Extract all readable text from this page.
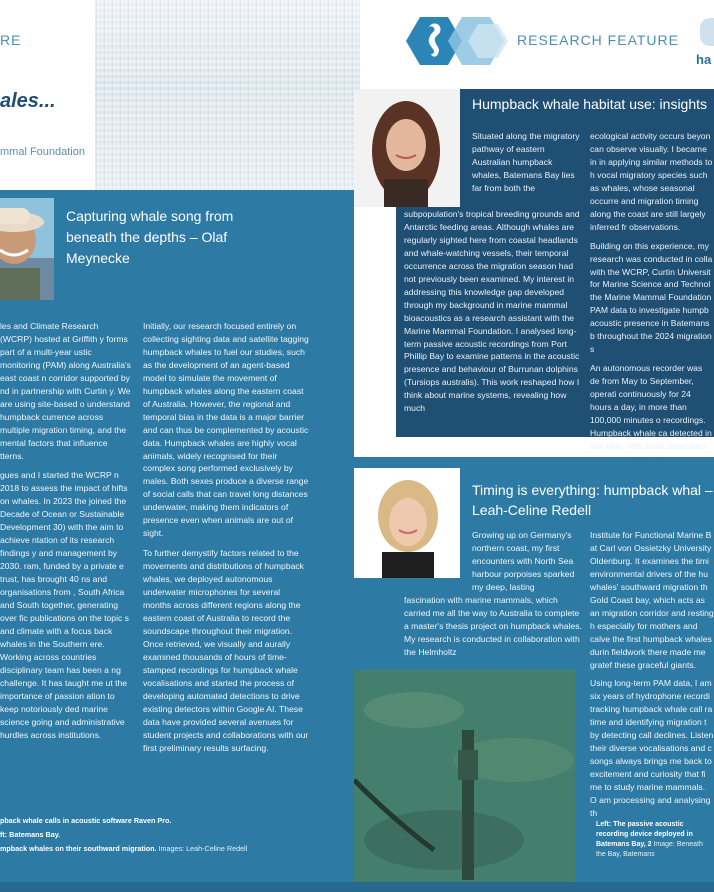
RE	RESEARCH FEATURE
ha
ales...
mmal Foundation
Capturing whale song from beneath the depths – Olaf Meynecke

les and Climate Research (WCRP) hosted at Griffith y forms part of a multi-year ustic monitoring (PAM) along Australia's east coast n corridor supported by nd in partnership with Curtin y. We are using site-based o understand humpback currence across multiple migration timing, and the mental factors that influence tterns.

gues and I started the WCRP n 2018 to assess the impact of hifts on whales. In 2023 the joined the Decade of Ocean or Sustainable Development 30) with the aim to achieve ntation of its research findings y and management by 2030. ram, funded by a private e trust, has brought 40 ns and organisations from , South Africa and South together, generating over fic publications on the topic s and climate with a focus back whales in the Southern ere. Working across countries disciplinary team has been a ng challenge. It has taught me ut the importance of passion ation to keep notoriously ded marine science going and administrative hurdles across institutions.

Initially, our research focused entirely on collecting sighting data and satellite tagging humpback whales to fuel our studies, such as the development of an agent-based model to simulate the movement of humpback whales along the eastern coast of Australia. However, the regional and temporal bias in the data is a major barrier and can thus be complemented by acoustic data. Humpback whales are highly vocal animals, widely recognised for their complex song performed exclusively by males. Both sexes produce a diverse range of social calls that can travel long distances underwater, making them indicators of presence even when animals are out of sight.

To further demystify factors related to the movements and distributions of humpback whales, we deployed autonomous underwater microphones for several months across different regions along the eastern coast of Australia to record the soundscape throughout their migration. Once retrieved, we visually and aurally examined thousands of hours of time-stamped recordings for humpback whale vocalisations and started the process of developing automated detections to drive existing detectors within Google AI. These data have provided several avenues for student projects and collaborations with our first preliminary results surfacing.

pback whale calls in acoustic software Raven Pro.
ft: Batemans Bay.
mpback whales on their southward migration. Images: Leah-Celine Redell
Humpback whale habitat use: insights
Situated along the migratory pathway of eastern Australian humpback whales, Batemans Bay lies far from both the
subpopulation's tropical breeding grounds and Antarctic feeding areas. Although whales are regularly sighted here from coastal headlands and whale-watching vessels, their temporal occurrence across the migration season had not previously been examined. My interest in addressing this knowledge gap developed through my background in marine mammal bioacoustics as a research assistant with the Marine Mammal Foundation. I analysed long-term passive acoustic recordings from Port Phillip Bay to examine patterns in the acoustic presence and behaviour of Burrunan dolphins (Tursiops australis). This work reshaped how I think about marine systems, revealing how much

ecological activity occurs beyon can observe visually. I became in in applying similar methods to h vocal migratory species such as whales, whose seasonal occurre and migration timing along the coast are still largely inferred fr observations.

Building on this experience, my research was conducted in colla with the WCRP, Curtin Universit for Marine Science and Technol the Marine Mammal Foundation PAM data to investigate humpb acoustic presence in Batemans b throughout the 2024 migration s

An autonomous recorder was de from May to September, operati continuously for 24 hours a day, in more than 100,000 minutes o recordings. Humpback whale ca detected in late May, with susta detections

Timing is everything: humpback whal –Leah-Celine Redell
Growing up on Germany's northern coast, my first encounters with North Sea harbour porpoises sparked my deep, lasting
fascination with marine mammals, which carried me all the way to Australia to complete a master's thesis project on humpback whales. My research is conducted in collaboration with the Helmholtz

Institute for Functional Marine B at Carl von Ossietzky University Oldenburg. It examines the timi environmental drivers of the hu whales' southward migration th Gold Coast bay, which acts as an migration corridor and resting h especially for mothers and calve the first humpback whales durin fieldwork there made me gratef these graceful giants.

Using long-term PAM data, I am six years of hydrophone recordi tracking humpback whale call ra time and identifying migration t by detecting call declines. Listen their diverse vocalisations and c songs always brings me back to excitement and curiosity that fi me to study marine mammals. O am processing and analysing th

Left: The passive acoustic recording device deployed in Batemans Bay, 2 Image: Beneath the Bay, Batemans
